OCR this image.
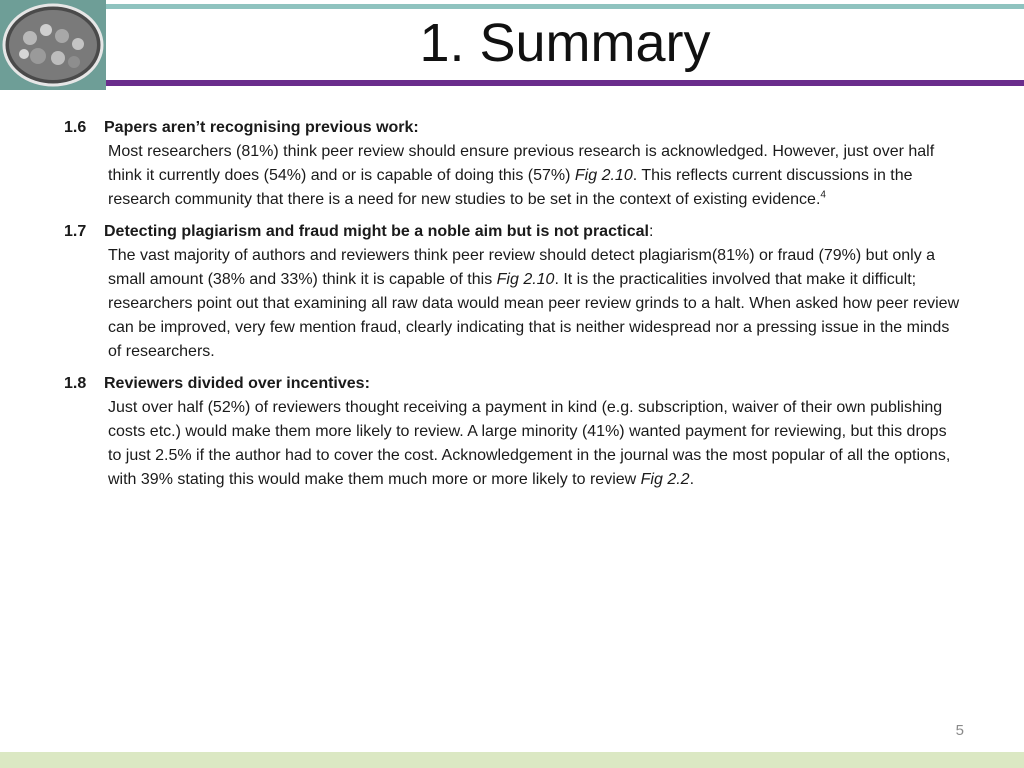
1. Summary
1.6 Papers aren’t recognising previous work:
Most researchers (81%) think peer review should ensure previous research is acknowledged. However, just over half think it currently does (54%) and or is capable of doing this (57%) Fig 2.10. This reflects current discussions in the research community that there is a need for new studies to be set in the context of existing evidence.$^4$
1.7 Detecting plagiarism and fraud might be a noble aim but is not practical:
The vast majority of authors and reviewers think peer review should detect plagiarism(81%) or fraud (79%) but only a small amount (38% and 33%) think it is capable of this Fig 2.10. It is the practicalities involved that make it difficult; researchers point out that examining all raw data would mean peer review grinds to a halt. When asked how peer review can be improved, very few mention fraud, clearly indicating that is neither widespread nor a pressing issue in the minds of researchers.
1.8 Reviewers divided over incentives:
Just over half (52%) of reviewers thought receiving a payment in kind (e.g. subscription, waiver of their own publishing costs etc.) would make them more likely to review. A large minority (41%) wanted payment for reviewing, but this drops to just 2.5% if the author had to cover the cost. Acknowledgement in the journal was the most popular of all the options, with 39% stating this would make them much more or more likely to review Fig 2.2.
5
